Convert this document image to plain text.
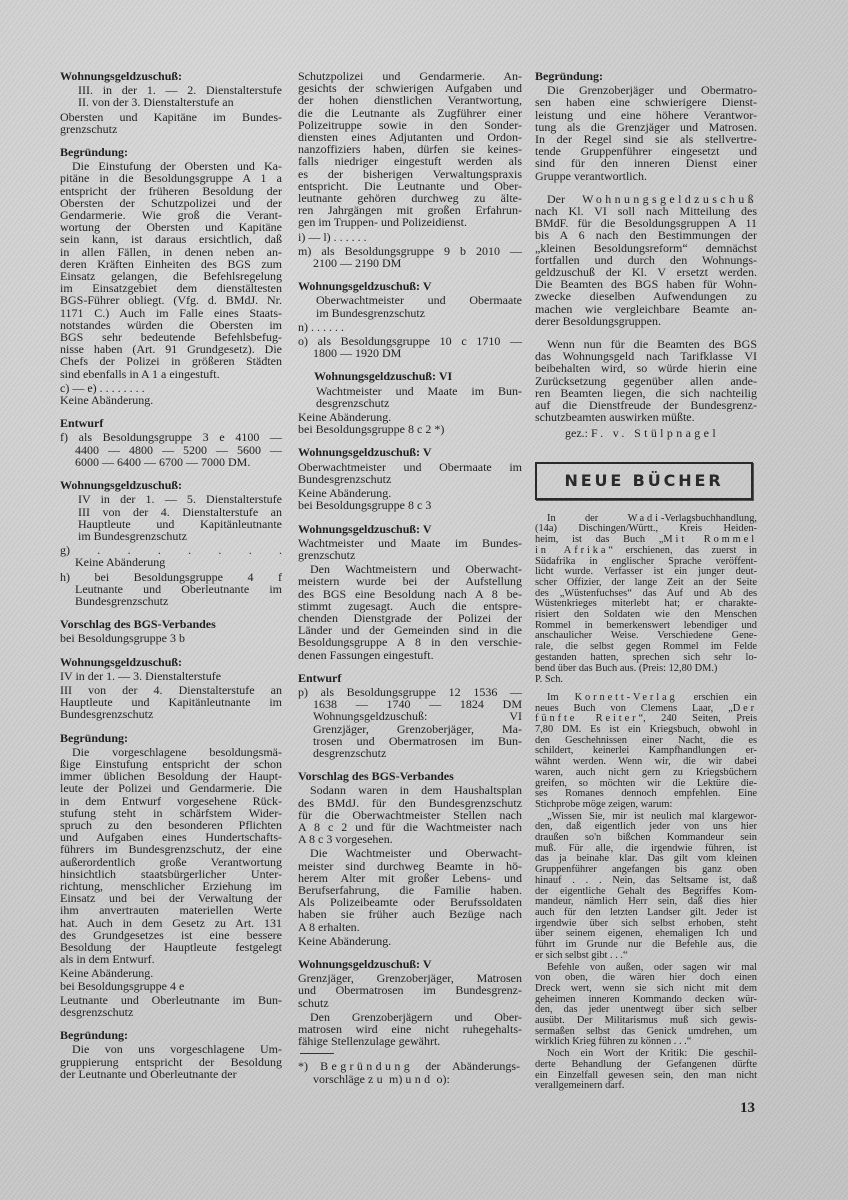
Wohnungsgeldzuschuß:
III. in der 1. — 2. Dienstalterstufe
II. von der 3. Dienstalterstufe an
Obersten und Kapitäne im Bundes-
grenzschutz
Begründung:
Die Einstufung der Obersten und Ka-
pitäne in die Besoldungsgruppe A 1 a
entspricht der früheren Besoldung der
Obersten der Schutzpolizei und der
Gendarmerie. Wie groß die Verant-
wortung der Obersten und Kapitäne
sein kann, ist daraus ersichtlich, daß
in allen Fällen, in denen neben an-
deren Kräften Einheiten des BGS zum
Einsatz gelangen, die Befehlsregelung
im Einsatzgebiet dem dienstältesten
BGS-Führer obliegt. (Vfg. d. BMdJ. Nr.
1171 C.) Auch im Falle eines Staats-
notstandes würden die Obersten im
BGS sehr bedeutende Befehlsbefug-
nisse haben (Art. 91 Grundgesetz). Die
Chefs der Polizei in größeren Städten
sind ebenfalls in A 1 a eingestuft.
c) — e) . . . . . . . .
Keine Abänderung.
Entwurf
f) als Besoldungsgruppe 3 e 4100 —
4400 — 4800 — 5200 — 5600 —
6000 — 6400 — 6700 — 7000 DM.
Wohnungsgeldzuschuß:
IV in der 1. — 5. Dienstalterstufe
III von der 4. Dienstalterstufe an
Hauptleute und Kapitänleutnante
im Bundesgrenzschutz
g) . . . . . . .
Keine Abänderung
h) bei Besoldungsgruppe 4 f
Leutnante und Oberleutnante im
Bundesgrenzschutz
Vorschlag des BGS-Verbandes
bei Besoldungsgruppe 3 b
Wohnungsgeldzuschuß:
IV in der 1. — 3. Dienstalterstufe
III von der 4. Dienstalterstufe an
Hauptleute und Kapitänleutnante im
Bundesgrenzschutz
Begründung:
Die vorgeschlagene besoldungsmä-
ßige Einstufung entspricht der schon
immer üblichen Besoldung der Haupt-
leute der Polizei und Gendarmerie. Die
in dem Entwurf vorgesehene Rück-
stufung steht in schärfstem Wider-
spruch zu den besonderen Pflichten
und Aufgaben eines Hundertschafts-
führers im Bundesgrenzschutz, der eine
außerordentlich große Verantwortung
hinsichtlich staatsbürgerlicher Unter-
richtung, menschlicher Erziehung im
Einsatz und bei der Verwaltung der
ihm anvertrauten materiellen Werte
hat. Auch in dem Gesetz zu Art. 131
des Grundgesetzes ist eine bessere
Besoldung der Hauptleute festgelegt
als in dem Entwurf.
Keine Abänderung.
bei Besoldungsgruppe 4 e
Leutnante und Oberleutnante im Bun-
desgrenzschutz
Begründung:
Die von uns vorgeschlagene Um-
gruppierung entspricht der Besoldung
der Leutnante und Oberleutnante der
Schutzpolizei und Gendarmerie. An-
gesichts der schwierigen Aufgaben und
der hohen dienstlichen Verantwortung,
die die Leutnante als Zugführer einer
Polizeitruppe sowie in den Sonder-
diensten eines Adjutanten und Ordon-
nanzoffiziers haben, dürfen sie keines-
falls niedriger eingestuft werden als
es der bisherigen Verwaltungspraxis
entspricht. Die Leutnante und Ober-
leutnante gehören durchweg zu älte-
ren Jahrgängen mit großen Erfahrun-
gen im Truppen- und Polizeidienst.
i) — l) . . . . . .
m) als Besoldungsgruppe 9 b 2010 —
2100 — 2190 DM
Wohnungsgeldzuschuß: V
Oberwachtmeister und Obermaate
im Bundesgrenzschutz
n) . . . . . .
o) als Besoldungsgruppe 10 c 1710 —
1800 — 1920 DM
Wohnungsgeldzuschuß: VI
Wachtmeister und Maate im Bun-
desgrenzschutz
Keine Abänderung.
bei Besoldungsgruppe 8 c 2 *)
Wohnungsgeldzuschuß: V
Oberwachtmeister und Obermaate im
Bundesgrenzschutz
Keine Abänderung.
bei Besoldungsgruppe 8 c 3
Wohnungsgeldzuschuß: V
Wachtmeister und Maate im Bundes-
grenzschutz
Den Wachtmeistern und Oberwacht-
meistern wurde bei der Aufstellung
des BGS eine Besoldung nach A 8 be-
stimmt zugesagt. Auch die entspre-
chenden Dienstgrade der Polizei der
Länder und der Gemeinden sind in die
Besoldungsgruppe A 8 in den verschie-
denen Fassungen eingestuft.
Entwurf
p) als Besoldungsgruppe 12 1536 —
1638 — 1740 — 1824 DM
Wohnungsgeldzuschuß: VI
Grenzjäger, Grenzoberjäger, Ma-
trosen und Obermatrosen im Bun-
desgrenzschutz
Vorschlag des BGS-Verbandes
Sodann waren in dem Haushaltsplan
des BMdJ. für den Bundesgrenzschutz
für die Oberwachtmeister Stellen nach
A 8 c 2 und für die Wachtmeister nach
A 8 c 3 vorgesehen.
Die Wachtmeister und Oberwacht-
meister sind durchweg Beamte in hö-
herem Alter mit großer Lebens- und
Berufserfahrung, die Familie haben.
Als Polizeibeamte oder Berufssoldaten
haben sie früher auch Bezüge nach
A 8 erhalten.
Keine Abänderung.
Wohnungsgeldzuschuß: V
Grenzjäger, Grenzoberjäger, Matrosen
und Obermatrosen im Bundesgrenz-
schutz
Den Grenzoberjägern und Ober-
matrosen wird eine nicht ruhegehalts-
fähige Stellenzulage gewährt.
*) Begründung der Abänderungs-
vorschläge zu m) und o):
Begründung:
Die Grenzoberjäger und Obermatro-
sen haben eine schwierigere Dienst-
leistung und eine höhere Verantwor-
tung als die Grenzjäger und Matrosen.
In der Regel sind sie als stellvertre-
tende Gruppenführer eingesetzt und
sind für den inneren Dienst einer
Gruppe verantwortlich.
Der Wohnungsgeldzuschuß
nach Kl. VI soll nach Mitteilung des
BMdF. für die Besoldungsgruppen A 11
bis A 6 nach den Bestimmungen der
„kleinen Besoldungsreform“ demnächst
fortfallen und durch den Wohnungs-
geldzuschuß der Kl. V ersetzt werden.
Die Beamten des BGS haben für Wohn-
zwecke dieselben Aufwendungen zu
machen wie vergleichbare Beamte an-
derer Besoldungsgruppen.
Wenn nun für die Beamten des BGS
das Wohnungsgeld nach Tarifklasse VI
beibehalten wird, so würde hierin eine
Zurücksetzung gegenüber allen ande-
ren Beamten liegen, die sich nachteilig
auf die Dienstfreude der Bundesgrenz-
schutzbeamten auswirken müßte.
gez.: F. v. Stülpnagel
NEUE BÜCHER
In der Wadi-Verlagsbuchhandlung,
(14a) Dischingen/Württ., Kreis Heiden-
heim, ist das Buch „Mit Rommel
in Afrika“ erschienen, das zuerst in
Südafrika in englischer Sprache veröffent-
licht wurde. Verfasser ist ein junger deut-
scher Offizier, der lange Zeit an der Seite
des „Wüstenfuchses“ das Auf und Ab des
Wüstenkrieges miterlebt hat; er charakte-
risiert den Soldaten wie den Menschen
Rommel in bemerkenswert lebendiger und
anschaulicher Weise. Verschiedene Gene-
rale, die selbst gegen Rommel im Felde
gestanden hatten, sprechen sich sehr lo-
bend über das Buch aus. (Preis: 12,80 DM.)
P. Sch.
Im Kornett-Verlag erschien ein
neues Buch von Clemens Laar, „Der
fünfte Reiter“, 240 Seiten, Preis
7,80 DM. Es ist ein Kriegsbuch, obwohl in
den Geschehnissen einer Nacht, die es
schildert, keinerlei Kampfhandlungen er-
wähnt werden. Wenn wir, die wir dabei
waren, auch nicht gern zu Kriegsbüchern
greifen, so möchten wir die Lektüre die-
ses Romanes dennoch empfehlen. Eine
Stichprobe möge zeigen, warum:
„Wissen Sie, mir ist neulich mal klargewor-
den, daß eigentlich jeder von uns hier
draußen so'n bißchen Kommandeur sein
muß. Für alle, die irgendwie führen, ist
das ja beinahe klar. Das gilt vom kleinen
Gruppenführer angefangen bis ganz oben
hinauf . . . Nein, das Seltsame ist, daß
der eigentliche Gehalt des Begriffes Kom-
mandeur, nämlich Herr sein, daß dies hier
auch für den letzten Landser gilt. Jeder ist
irgendwie über sich selbst erhoben, steht
über seinem eigenen, ehemaligen Ich und
führt im Grunde nur die Befehle aus, die
er sich selbst gibt . . .“
Befehle von außen, oder sagen wir mal
von oben, die wären hier doch einen
Dreck wert, wenn sie sich nicht mit dem
geheimen inneren Kommando decken wür-
den, das jeder unentwegt über sich selber
ausübt. Der Militarismus muß sich gewis-
sermaßen selbst das Genick umdrehen, um
wirklich Krieg führen zu können . . .“
Noch ein Wort der Kritik: Die geschil-
derte Behandlung der Gefangenen dürfte
ein Einzelfall gewesen sein, den man nicht
verallgemeinern darf.
13
